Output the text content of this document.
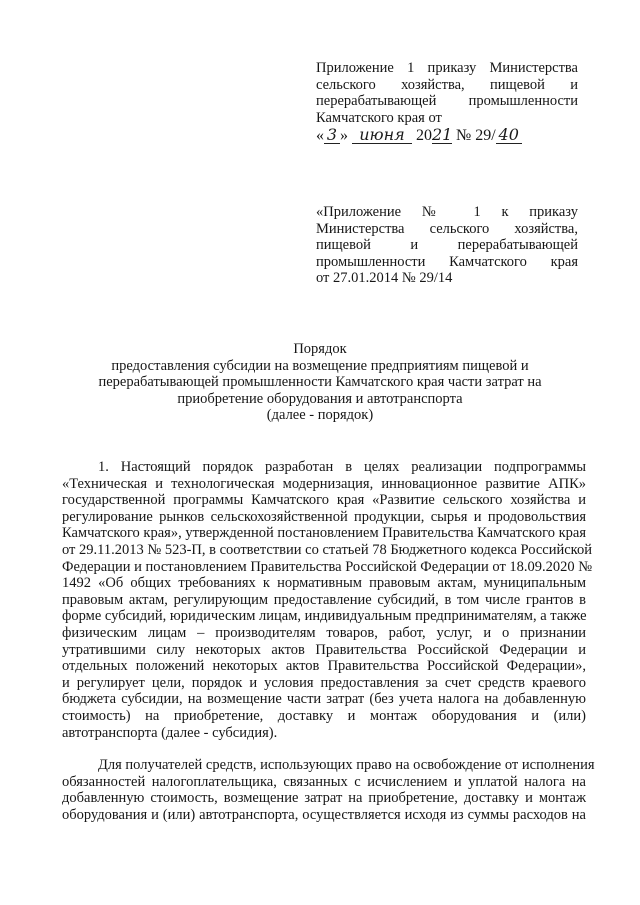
Приложение 1 приказу Министерства
сельского хозяйства, пищевой и
перерабатывающей промышленности
Камчатского края от
« 3 » июня 2021 № 29/ 40
«Приложение № 1 к приказу
Министерства сельского хозяйства,
пищевой и перерабатывающей
промышленности Камчатского края
от 27.01.2014 № 29/14
Порядок
предоставления субсидии на возмещение предприятиям пищевой и
перерабатывающей промышленности Камчатского края части затрат на
приобретение оборудования и автотранспорта
(далее - порядок)
1. Настоящий порядок разработан в целях реализации подпрограммы
«Техническая и технологическая модернизация, инновационное развитие АПК»
государственной программы Камчатского края «Развитие сельского хозяйства и
регулирование рынков сельскохозяйственной продукции, сырья и продовольствия
Камчатского края», утвержденной постановлением Правительства Камчатского края
от 29.11.2013 № 523-П, в соответствии со статьей 78 Бюджетного кодекса Российской
Федерации и постановлением Правительства Российской Федерации от 18.09.2020 №
1492 «Об общих требованиях к нормативным правовым актам, муниципальным
правовым актам, регулирующим предоставление субсидий, в том числе грантов в
форме субсидий, юридическим лицам, индивидуальным предпринимателям, а также
физическим лицам – производителям товаров, работ, услуг, и о признании
утратившими силу некоторых актов Правительства Российской Федерации и
отдельных положений некоторых актов Правительства Российской Федерации»,
и регулирует цели, порядок и условия предоставления за счет средств краевого
бюджета субсидии, на возмещение части затрат (без учета налога на добавленную
стоимость) на приобретение, доставку и монтаж оборудования и (или)
автотранспорта (далее - субсидия).
Для получателей средств, использующих право на освобождение от исполнения
обязанностей налогоплательщика, связанных с исчислением и уплатой налога на
добавленную стоимость, возмещение затрат на приобретение, доставку и монтаж
оборудования и (или) автотранспорта, осуществляется исходя из суммы расходов на
